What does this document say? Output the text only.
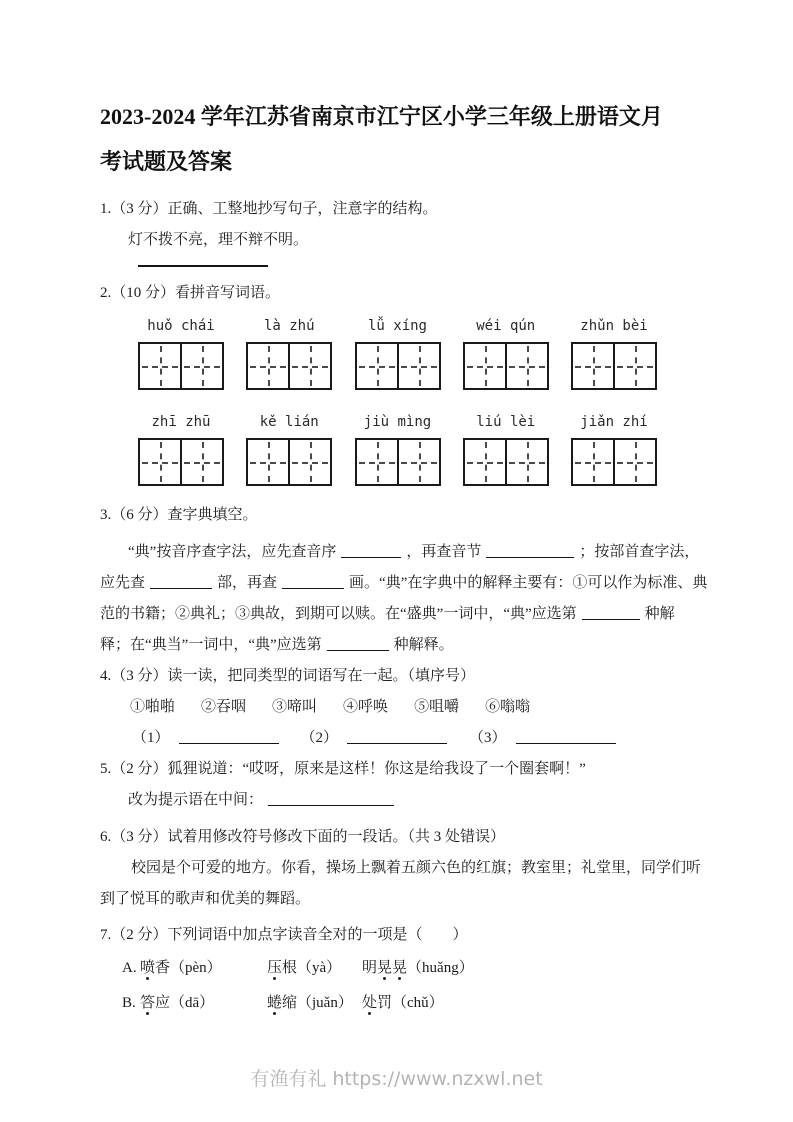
2023-2024 学年江苏省南京市江宁区小学三年级上册语文月
考试题及答案
1.（3 分）正确、工整地抄写句子，注意字的结构。
灯不拨不亮，理不辩不明。
2.（10 分）看拼音写词语。
huǒ chái	là zhú	lǚ xíng	wéi qún	zhǔn bèi
zhī zhū	kě lián	jiù mìng	liú lèi	jiǎn zhí
3.（6 分）查字典填空。
“典”按音序查字法，应先查音序	，再查音节	；按部首查字法，
应先查	部，再查	画。“典”在字典中的解释主要有：①可以作为标准、典
范的书籍；②典礼；③典故，到期可以赎。在“盛典”一词中，“典”应选第	种解
释；在“典当”一词中，“典”应选第	种解释。
4.（3 分）读一读，把同类型的词语写在一起。（填序号）
①啪啪 ②吞咽 ③啼叫 ④呼唤 ⑤咀嚼 ⑥嗡嗡
（1）	（2）	（3）
5.（2 分）狐狸说道：“哎呀，原来是这样！你这是给我设了一个圈套啊！”
改为提示语在中间：
6.（3 分）试着用修改符号修改下面的一段话。（共 3 处错误）
校园是个可爱的地方。你看，操场上飘着五颜六色的红旗；教室里；礼堂里，同学们听
到了悦耳的歌声和优美的舞蹈。
7.（2 分）下列词语中加点字读音全对的一项是（　　）
A. 喷香（pèn）	压根（yà）	明晃晃（huǎng）
B. 答应（dā）	蜷缩（juǎn） 处罚（chǔ）
有渔有礼 https://www.nzxwl.net
